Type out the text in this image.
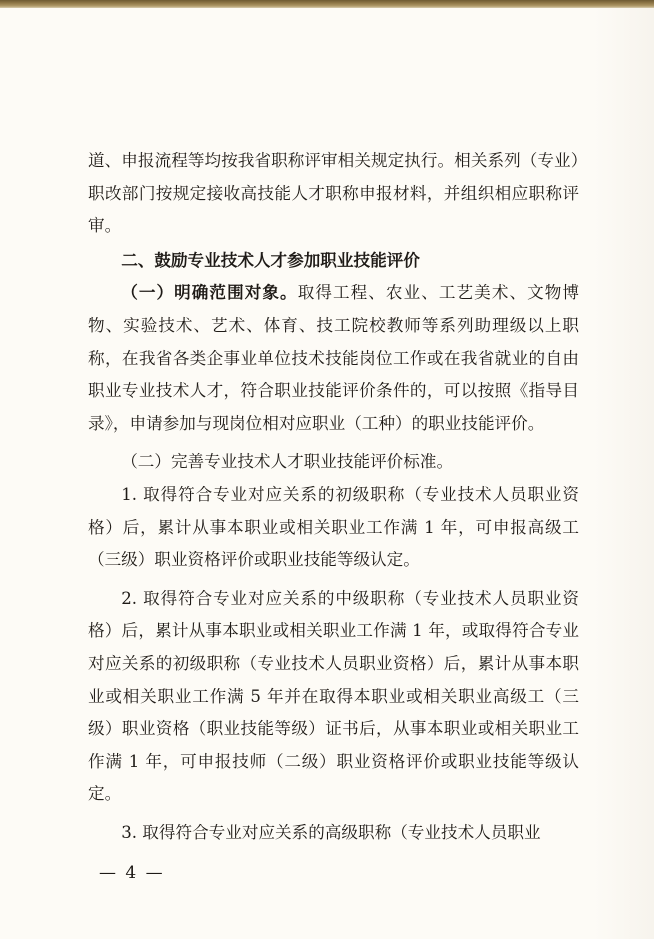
道、申报流程等均按我省职称评审相关规定执行。相关系列（专业）职改部门按规定接收高技能人才职称申报材料，并组织相应职称评审。

二、鼓励专业技术人才参加职业技能评价

（一）明确范围对象。取得工程、农业、工艺美术、文物博物、实验技术、艺术、体育、技工院校教师等系列助理级以上职称，在我省各类企事业单位技术技能岗位工作或在我省就业的自由职业专业技术人才，符合职业技能评价条件的，可以按照《指导目录》，申请参加与现岗位相对应职业（工种）的职业技能评价。

（二）完善专业技术人才职业技能评价标准。

1. 取得符合专业对应关系的初级职称（专业技术人员职业资格）后，累计从事本职业或相关职业工作满 1 年，可申报高级工（三级）职业资格评价或职业技能等级认定。

2. 取得符合专业对应关系的中级职称（专业技术人员职业资格）后，累计从事本职业或相关职业工作满 1 年，或取得符合专业对应关系的初级职称（专业技术人员职业资格）后，累计从事本职业或相关职业工作满 5 年并在取得本职业或相关职业高级工（三级）职业资格（职业技能等级）证书后，从事本职业或相关职业工作满 1 年，可申报技师（二级）职业资格评价或职业技能等级认定。

3. 取得符合专业对应关系的高级职称（专业技术人员职业

— 4 —
